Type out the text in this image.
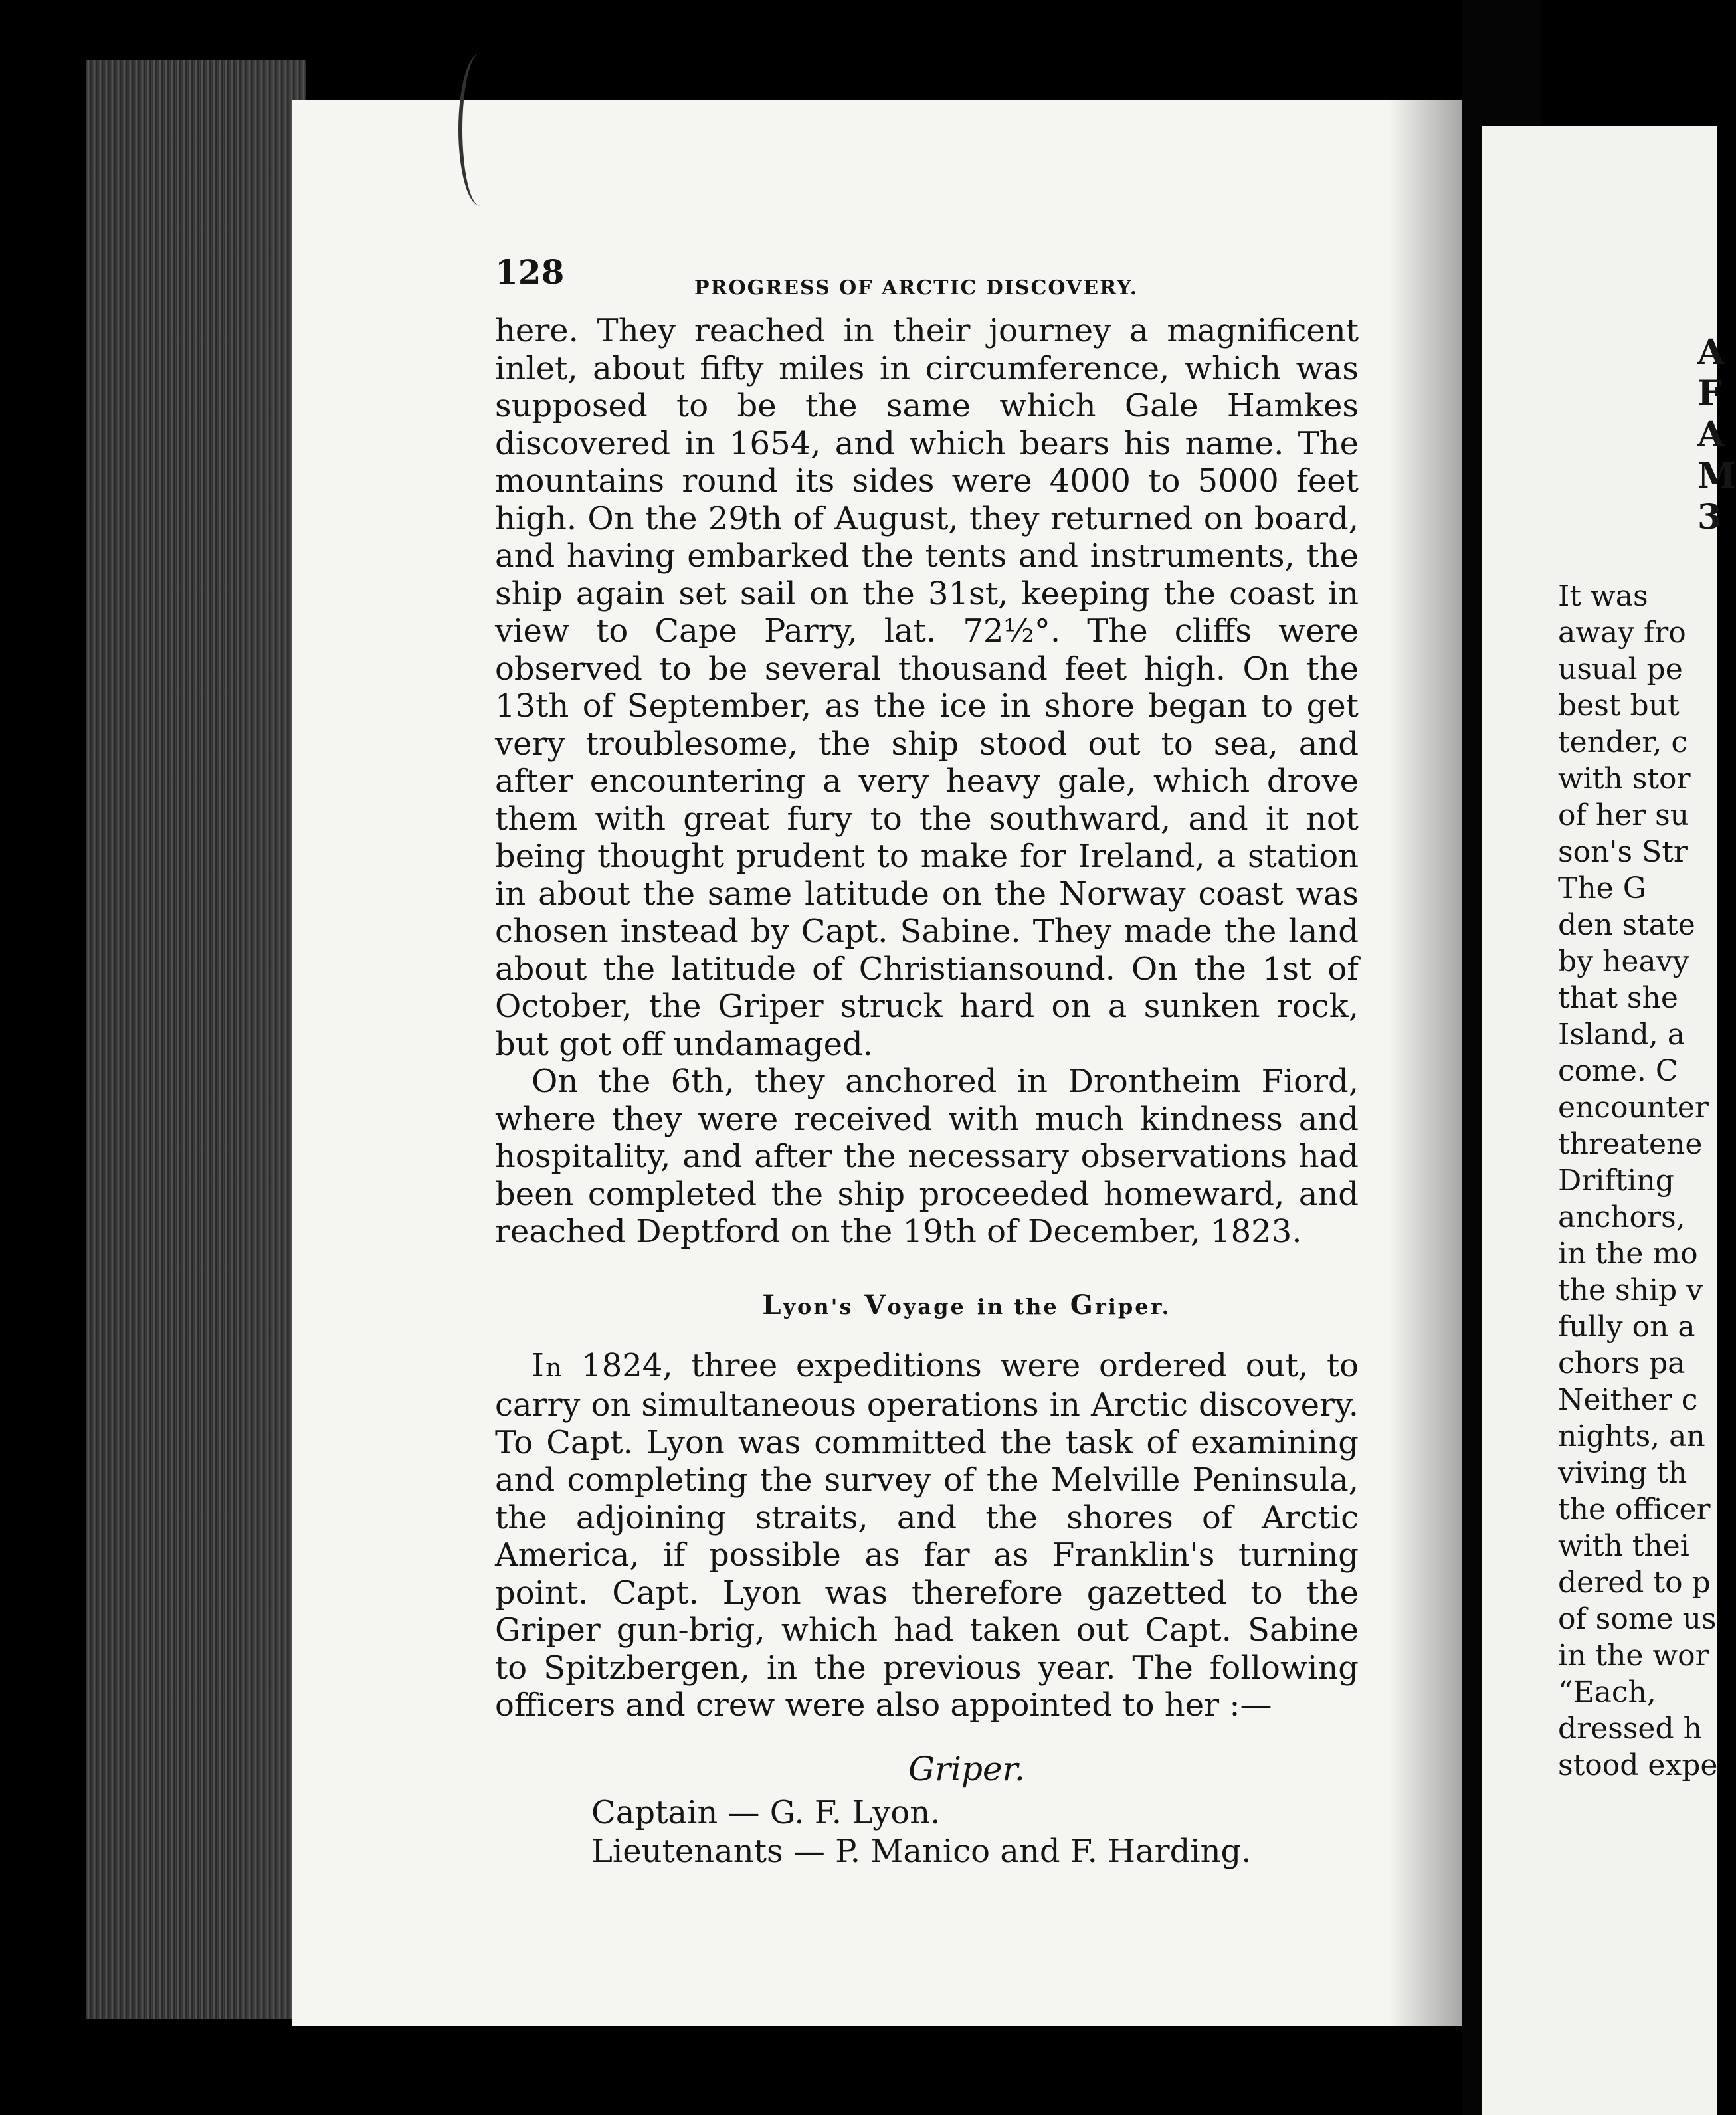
128	PROGRESS OF ARCTIC DISCOVERY.

here. They reached in their journey a magnificent inlet, about fifty miles in circumference, which was supposed to be the same which Gale Hamkes discovered in 1654, and which bears his name. The mountains round its sides were 4000 to 5000 feet high. On the 29th of August, they returned on board, and having embarked the tents and instruments, the ship again set sail on the 31st, keeping the coast in view to Cape Parry, lat. 72½°. The cliffs were observed to be several thousand feet high. On the 13th of September, as the ice in shore began to get very troublesome, the ship stood out to sea, and after encountering a very heavy gale, which drove them with great fury to the southward, and it not being thought prudent to make for Ireland, a station in about the same latitude on the Norway coast was chosen instead by Capt. Sabine. They made the land about the latitude of Christiansound. On the 1st of October, the Griper struck hard on a sunken rock, but got off undamaged.

On the 6th, they anchored in Drontheim Fiord, where they were received with much kindness and hospitality, and after the necessary observations had been completed the ship proceeded homeward, and reached Deptford on the 19th of December, 1823.

Lyon's Voyage in the Griper.

In 1824, three expeditions were ordered out, to carry on simultaneous operations in Arctic discovery. To Capt. Lyon was committed the task of examining and completing the survey of the Melville Peninsula, the adjoining straits, and the shores of Arctic America, if possible as far as Franklin's turning point. Capt. Lyon was therefore gazetted to the Griper gun-brig, which had taken out Capt. Sabine to Spitzbergen, in the previous year. The following officers and crew were also appointed to her :—

Griper.
Captain — G. F. Lyon.
Lieutenants — P. Manico and F. Harding.
A
F
A
M
3
It was
away fro
usual pe
best but
tender, c
with stor
of her su
son's Str
The G
den state
by heavy
that she
Island, a
come. C
encounter
threatene
Drifting
anchors,
in the mo
the ship v
fully on a
chors pa
Neither c
nights, an
viving th
the officer
with thei
dered to p
of some us
in the wor
“Each,
dressed h
stood expe
